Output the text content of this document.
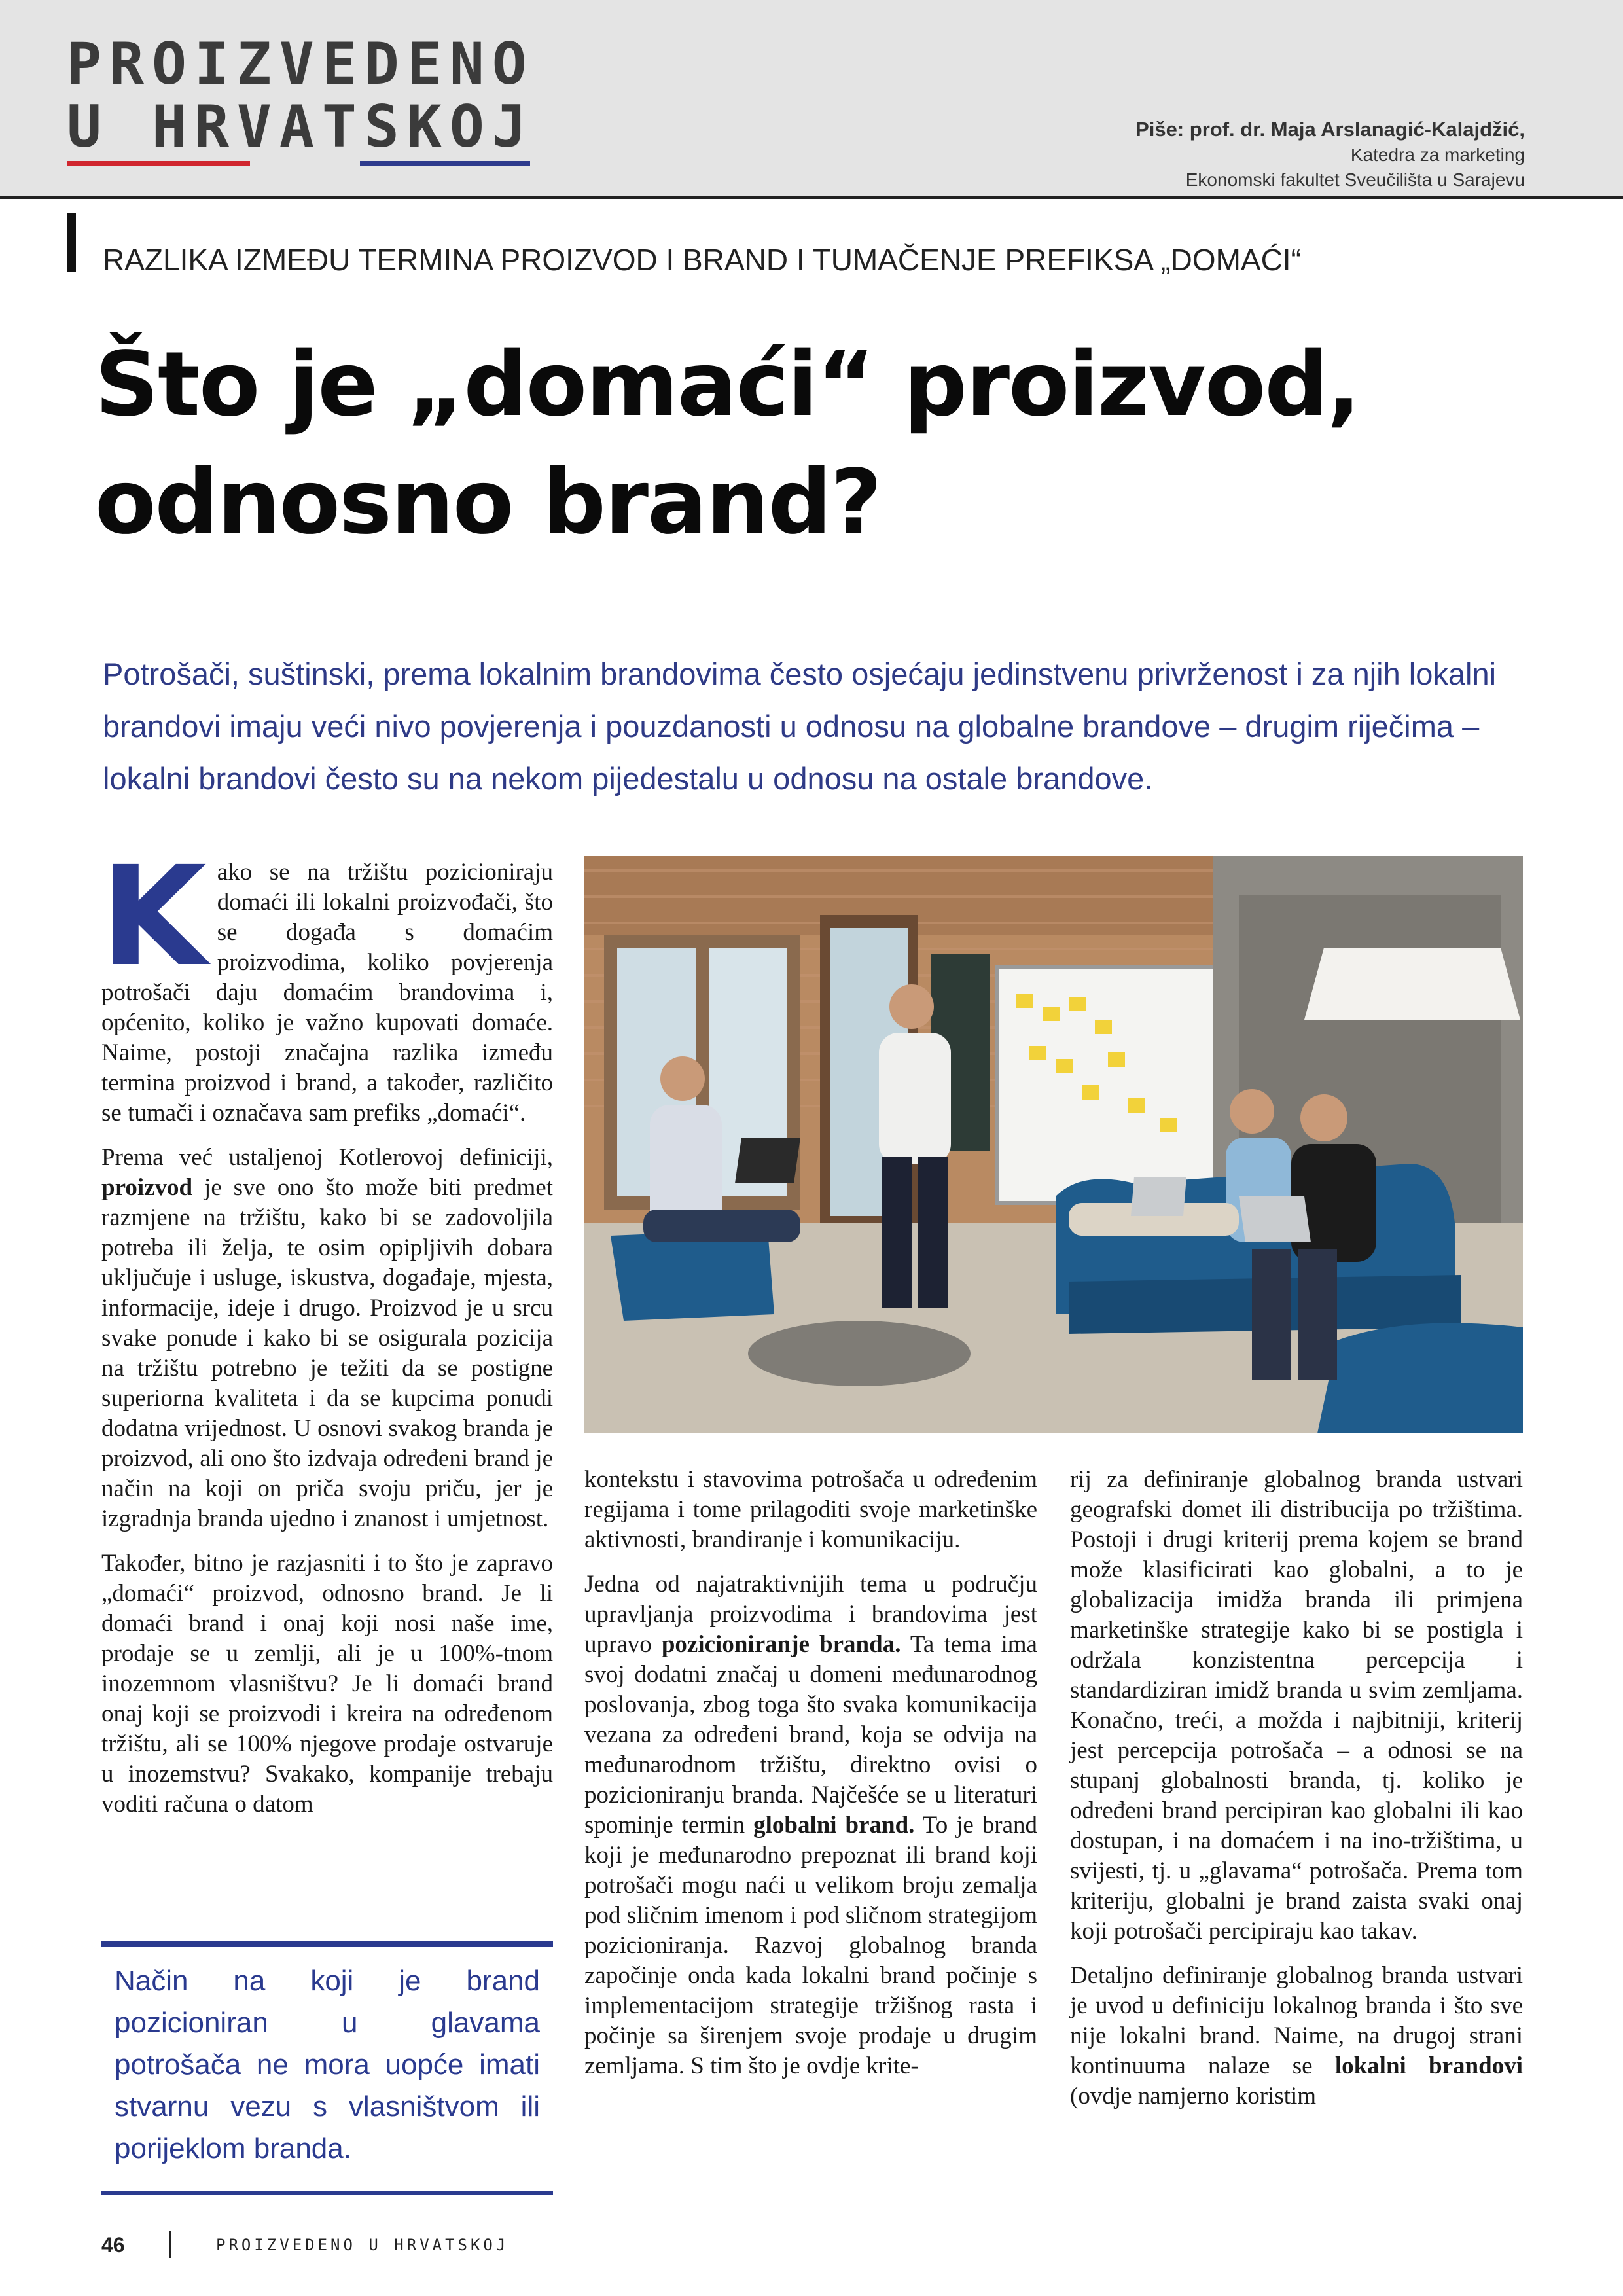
PROIZVEDENO
U HRVATSKOJ	Piše: prof. dr. Maja Arslanagić-Kalajdžić,
Katedra za marketing
Ekonomski fakultet Sveučilišta u Sarajevu
RAZLIKA IZMEĐU TERMINA PROIZVOD I BRAND I TUMAČENJE PREFIKSA „DOMAĆI“
Što je „domaći“ proizvod,
odnosno brand?
Potrošači, suštinski, prema lokalnim brandovima često osjećaju jedinstvenu privrženost i za njih lokalni brandovi imaju veći nivo povjerenja i pouzdanosti u odnosu na globalne brandove – drugim riječima – lokalni brandovi često su na nekom pijedestalu u odnosu na ostale brandove.

Kako se na tržištu pozicioniraju domaći ili lokalni proizvođači, što se događa s domaćim proizvodima, koliko povjerenja potrošači daju domaćim brandovima i, općenito, koliko je važno kupovati domaće. Naime, postoji značajna razlika između termina proizvod i brand, a također, različito se tumači i označava sam prefiks „domaći“.

Prema već ustaljenoj Kotlerovoj definiciji, proizvod je sve ono što može biti predmet razmjene na tržištu, kako bi se zadovoljila potreba ili želja, te osim opipljivih dobara uključuje i usluge, iskustva, događaje, mjesta, informacije, ideje i drugo. Proizvod je u srcu svake ponude i kako bi se osigurala pozicija na tržištu potrebno je težiti da se postigne superiorna kvaliteta i da se kupcima ponudi dodatna vrijednost. U osnovi svakog branda je proizvod, ali ono što izdvaja određeni brand je način na koji on priča svoju priču, jer je izgradnja branda ujedno i znanost i umjetnost.

Također, bitno je razjasniti i to što je zapravo „domaći“ proizvod, odnosno brand. Je li domaći brand i onaj koji nosi naše ime, prodaje se u zemlji, ali je u 100%-tnom inozemnom vlasništvu? Je li domaći brand onaj koji se proizvodi i kreira na određenom tržištu, ali se 100% njegove prodaje ostvaruje u inozemstvu? Svakako, kompanije trebaju voditi računa o datom

kontekstu i stavovima potrošača u određenim regijama i tome prilagoditi svoje marketinške aktivnosti, brandiranje i komunikaciju.

Jedna od najatraktivnijih tema u području upravljanja proizvodima i brandovima jest upravo pozicioniranje branda. Ta tema ima svoj dodatni značaj u domeni međunarodnog poslovanja, zbog toga što svaka komunikacija vezana za određeni brand, koja se odvija na međunarodnom tržištu, direktno ovisi o pozicioniranju branda. Najčešće se u literaturi spominje termin globalni brand. To je brand koji je međunarodno prepoznat ili brand koji potrošači mogu naći u velikom broju zemalja pod sličnim imenom i pod sličnom strategijom pozicioniranja. Razvoj globalnog branda započinje onda kada lokalni brand počinje s implementacijom strategije tržišnog rasta i počinje sa širenjem svoje prodaje u drugim zemljama. S tim što je ovdje krite-

rij za definiranje globalnog branda ustvari geografski domet ili distribucija po tržištima. Postoji i drugi kriterij prema kojem se brand može klasificirati kao globalni, a to je globalizacija imidža branda ili primjena marketinške strategije kako bi se postigla i održala konzistentna percepcija i standardiziran imidž branda u svim zemljama. Konačno, treći, a možda i najbitniji, kriterij jest percepcija potrošača – a odnosi se na stupanj globalnosti branda, tj. koliko je određeni brand percipiran kao globalni ili kao dostupan, i na domaćem i na ino-tržištima, u svijesti, tj. u „glavama“ potrošača. Prema tom kriteriju, globalni je brand zaista svaki onaj koji potrošači percipiraju kao takav.

Detaljno definiranje globalnog branda ustvari je uvod u definiciju lokalnog branda i što sve nije lokalni brand. Naime, na drugoj strani kontinuuma nalaze se lokalni brandovi (ovdje namjerno koristim

Način na koji je brand pozicioniran u glavama potrošača ne mora uopće imati stvarnu vezu s vlasništvom ili porijeklom branda.
46	PROIZVEDENO U HRVATSKOJ
